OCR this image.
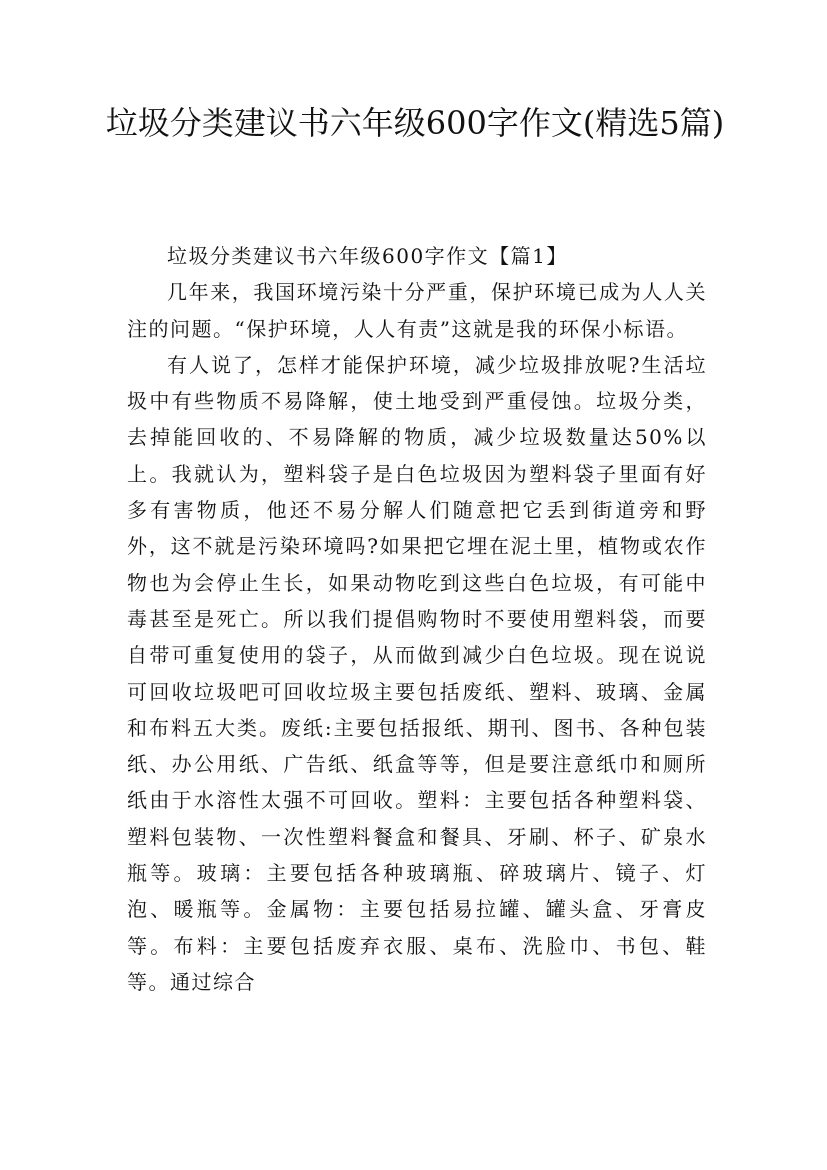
垃圾分类建议书六年级600字作文(精选5篇)

垃圾分类建议书六年级600字作文【篇1】

几年来，我国环境污染十分严重，保护环境已成为人人关注的问题。“保护环境，人人有责”这就是我的环保小标语。

有人说了，怎样才能保护环境，减少垃圾排放呢?生活垃圾中有些物质不易降解，使土地受到严重侵蚀。垃圾分类，去掉能回收的、不易降解的物质，减少垃圾数量达50%以上。我就认为，塑料袋子是白色垃圾因为塑料袋子里面有好多有害物质，他还不易分解人们随意把它丢到街道旁和野外，这不就是污染环境吗?如果把它埋在泥土里，植物或农作物也为会停止生长，如果动物吃到这些白色垃圾，有可能中毒甚至是死亡。所以我们提倡购物时不要使用塑料袋，而要自带可重复使用的袋子，从而做到减少白色垃圾。现在说说可回收垃圾吧可回收垃圾主要包括废纸、塑料、玻璃、金属和布料五大类。废纸:主要包括报纸、期刊、图书、各种包装纸、办公用纸、广告纸、纸盒等等，但是要注意纸巾和厕所纸由于水溶性太强不可回收。塑料：主要包括各种塑料袋、塑料包装物、一次性塑料餐盒和餐具、牙刷、杯子、矿泉水瓶等。玻璃：主要包括各种玻璃瓶、碎玻璃片、镜子、灯泡、暖瓶等。金属物：主要包括易拉罐、罐头盒、牙膏皮等。布料：主要包括废弃衣服、桌布、洗脸巾、书包、鞋等。通过综合
